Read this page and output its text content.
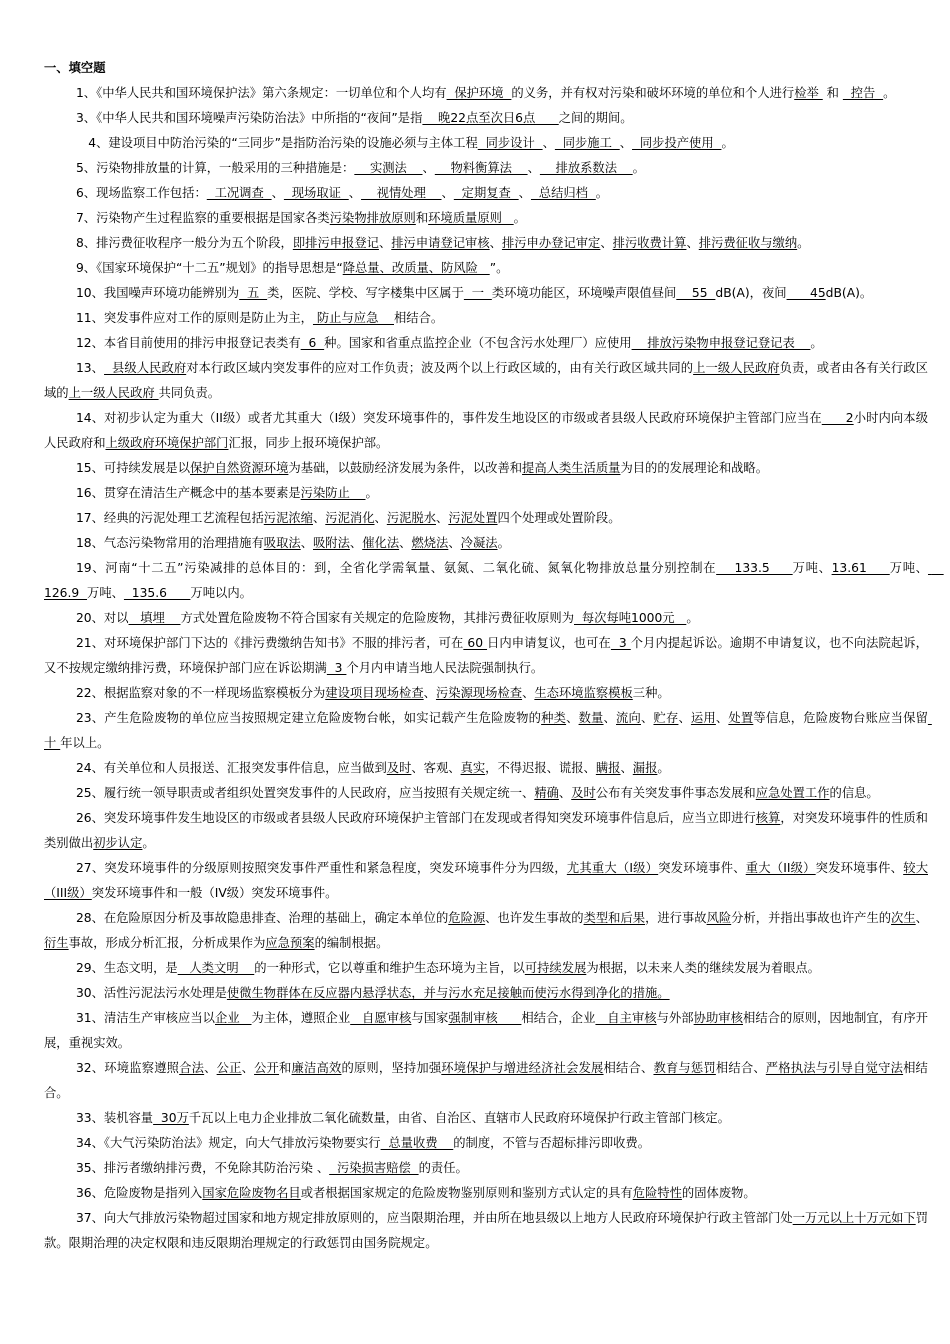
一、填空题

1、《中华人民共和国环境保护法》第六条规定：一切单位和个人均有  保护环境  的义务，并有权对污染和破坏环境的单位和个人进行检举  和   控告  。

3、《中华人民共和国环境噪声污染防治法》中所指的“夜间”是指    晚22点至次日6点      之间的期间。

4、建设项目中防治污染的“三同步”是指防治污染的设施必须与主体工程  同步设计  、  同步施工  、  同步投产使用  。

5、污染物排放量的计算，一般采用的三种措施是：    实测法    、    物料衡算法    、    排放系数法    。

6、现场监察工作包括：  工况调查  、  现场取证  、    视情处理    、  定期复查  、  总结归档  。

7、污染物产生过程监察的重要根据是国家各类污染物排放原则和环境质量原则   。

8、排污费征收程序一般分为五个阶段，即排污申报登记、排污申请登记审核、排污申办登记审定、排污收费计算、排污费征收与缴纳。

9、《国家环境保护“十二五”规划》的指导思想是“降总量、改质量、防风险   ”。

10、我国噪声环境功能辨别为  五  类，医院、学校、写字楼集中区属于  一  类环境功能区，环境噪声限值昼间    55  dB(A)，夜间      45dB(A)。

11、突发事件应对工作的原则是防止为主， 防止与应急    相结合。

12、本省目前使用的排污申报登记表类有  6  种。国家和省重点监控企业（不包含污水处理厂）应使用    排放污染物申报登记登记表    。

13、  县级人民政府对本行政区域内突发事件的应对工作负责；波及两个以上行政区域的，由有关行政区域共同的上一级人民政府负责，或者由各有关行政区域的上一级人民政府 共同负责。

14、对初步认定为重大（II级）或者尤其重大（I级）突发环境事件的，事件发生地设区的市级或者县级人民政府环境保护主管部门应当在      2小时内向本级人民政府和上级政府环境保护部门汇报，同步上报环境保护部。

15、可持续发展是以保护自然资源环境为基础，以鼓励经济发展为条件，以改善和提高人类生活质量为目的的发展理论和战略。

16、贯穿在清洁生产概念中的基本要素是污染防止    。

17、经典的污泥处理工艺流程包括污泥浓缩、污泥消化、污泥脱水、污泥处置四个处理或处置阶段。

18、气态污染物常用的治理措施有吸取法、吸附法、催化法、燃烧法、冷凝法。

19、河南“十二五”污染减排的总体目的：到，全省化学需氧量、氨氮、二氧化硫、氮氧化物排放总量分别控制在    133.5     万吨、13.61     万吨、    126.9  万吨、  135.6      万吨以内。

20、对以   填埋    方式处置危险废物不符合国家有关规定的危险废物，其排污费征收原则为  每次每吨1000元   。

21、对环境保护部门下达的《排污费缴纳告知书》不服的排污者，可在 60 日内申请复议，也可在  3 个月内提起诉讼。逾期不申请复议，也不向法院起诉，又不按规定缴纳排污费，环境保护部门应在诉讼期满  3 个月内申请当地人民法院强制执行。

22、根据监察对象的不一样现场监察模板分为建设项目现场检查、污染源现场检查、生态环境监察模板三种。

23、产生危险废物的单位应当按照规定建立危险废物台帐，如实记载产生危险废物的种类、数量、流向、贮存、运用、处置等信息，危险废物台账应当保留 十 年以上。

24、有关单位和人员报送、汇报突发事件信息，应当做到及时、客观、真实，不得迟报、谎报、瞒报、漏报。

25、履行统一领导职责或者组织处置突发事件的人民政府，应当按照有关规定统一、精确、及时公布有关突发事件事态发展和应急处置工作的信息。

26、突发环境事件发生地设区的市级或者县级人民政府环境保护主管部门在发现或者得知突发环境事件信息后，应当立即进行核算，对突发环境事件的性质和类别做出初步认定。

27、突发环境事件的分级原则按照突发事件严重性和紧急程度，突发环境事件分为四级，尤其重大（I级）突发环境事件、重大（II级）突发环境事件、较大（III级）突发环境事件和一般（IV级）突发环境事件。

28、在危险原因分析及事故隐患排查、治理的基础上，确定本单位的危险源、也许发生事故的类型和后果，进行事故风险分析，并指出事故也许产生的次生、衍生事故，形成分析汇报，分析成果作为应急预案的编制根据。

29、生态文明，是   人类文明    的一种形式，它以尊重和维护生态环境为主旨，以可持续发展为根据，以未来人类的继续发展为着眼点。

30、活性污泥法污水处理是使微生物群体在反应器内悬浮状态，并与污水充足接触而使污水得到净化的措施。

31、清洁生产审核应当以企业   为主体，遵照企业   自愿审核与国家强制审核      相结合，企业   自主审核与外部协助审核相结合的原则，因地制宜，有序开展，重视实效。

32、环境监察遵照合法、公正、公开和廉洁高效的原则，坚持加强环境保护与增进经济社会发展相结合、教育与惩罚相结合、严格执法与引导自觉守法相结合。

33、装机容量  30万千瓦以上电力企业排放二氧化硫数量，由省、自治区、直辖市人民政府环境保护行政主管部门核定。

34、《大气污染防治法》规定，向大气排放污染物要实行  总量收费    的制度，不管与否超标排污即收费。

35、排污者缴纳排污费，不免除其防治污染 、  污染损害赔偿  的责任。

36、危险废物是指列入国家危险废物名目或者根据国家规定的危险废物鉴别原则和鉴别方式认定的具有危险特性的固体废物。

37、向大气排放污染物超过国家和地方规定排放原则的，应当限期治理，并由所在地县级以上地方人民政府环境保护行政主管部门处一万元以上十万元如下罚款。限期治理的决定权限和违反限期治理规定的行政惩罚由国务院规定。
